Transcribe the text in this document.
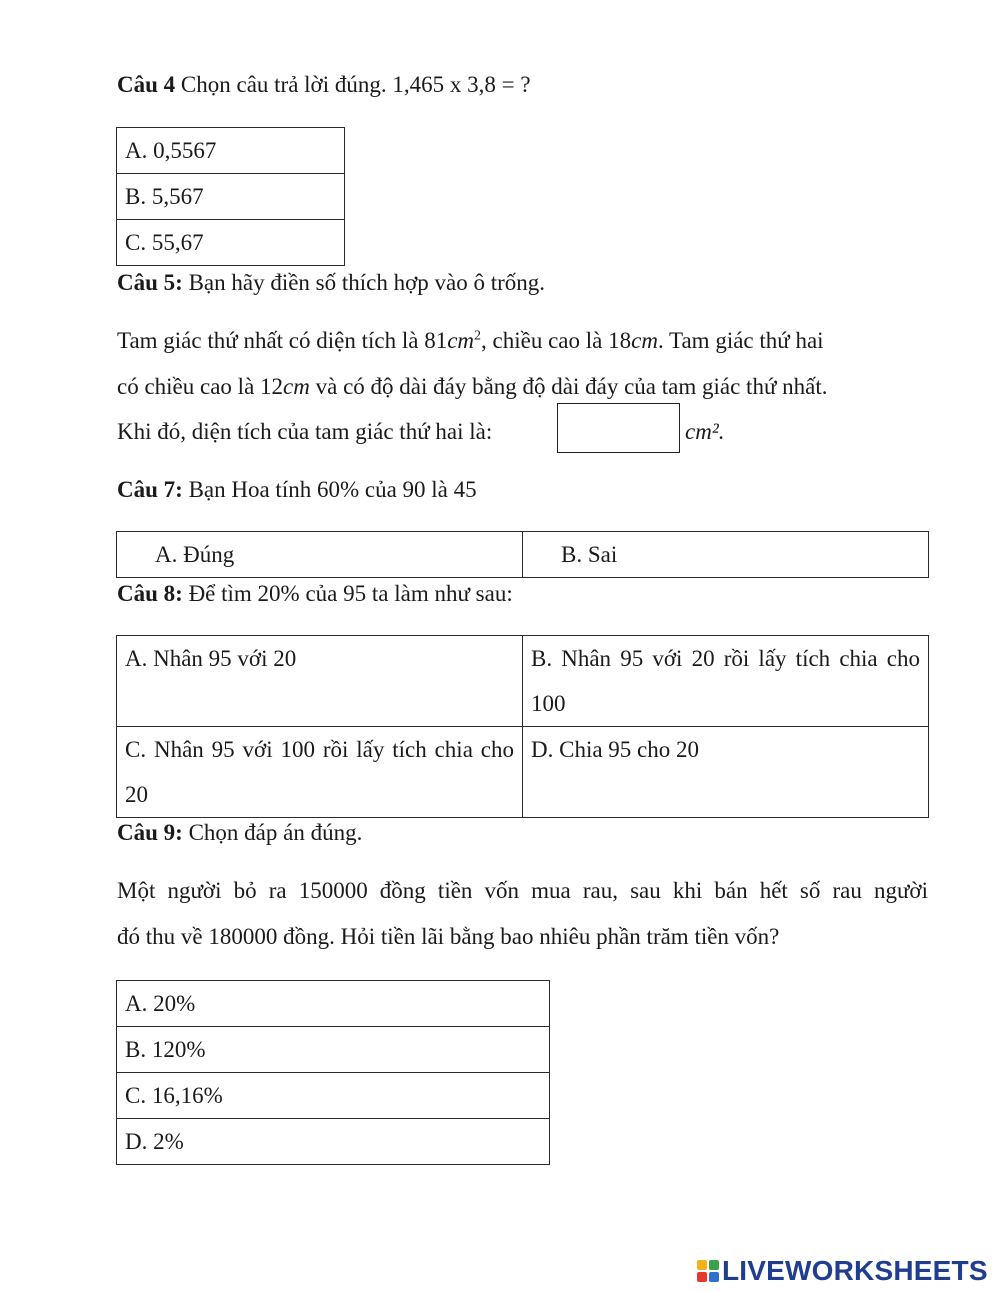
Câu 4 Chọn câu trả lời đúng. 1,465 x 3,8 = ?
A. 0,5567
B. 5,567
C. 55,67
Câu 5: Bạn hãy điền số thích hợp vào ô trống.
Tam giác thứ nhất có diện tích là $81cm^2$, chiều cao là 18cm. Tam giác thứ hai
có chiều cao là 12cm và có độ dài đáy bằng độ dài đáy của tam giác thứ nhất.
Khi đó, diện tích của tam giác thứ hai là:	cm².
Câu 7: Bạn Hoa tính 60% của 90 là 45
A. Đúng	B. Sai
Câu 8: Để tìm 20% của 95 ta làm như sau:
A. Nhân 95 với 20	B. Nhân 95 với 20 rồi lấy tích chia cho 100
C. Nhân 95 với 100 rồi lấy tích chia cho 20	D. Chia 95 cho 20
Câu 9: Chọn đáp án đúng.
Một người bỏ ra 150000 đồng tiền vốn mua rau, sau khi bán hết số rau người
đó thu về 180000 đồng. Hỏi tiền lãi bằng bao nhiêu phần trăm tiền vốn?
A. 20%
B. 120%
C. 16,16%
D. 2%
LIVEWORKSHEETS
